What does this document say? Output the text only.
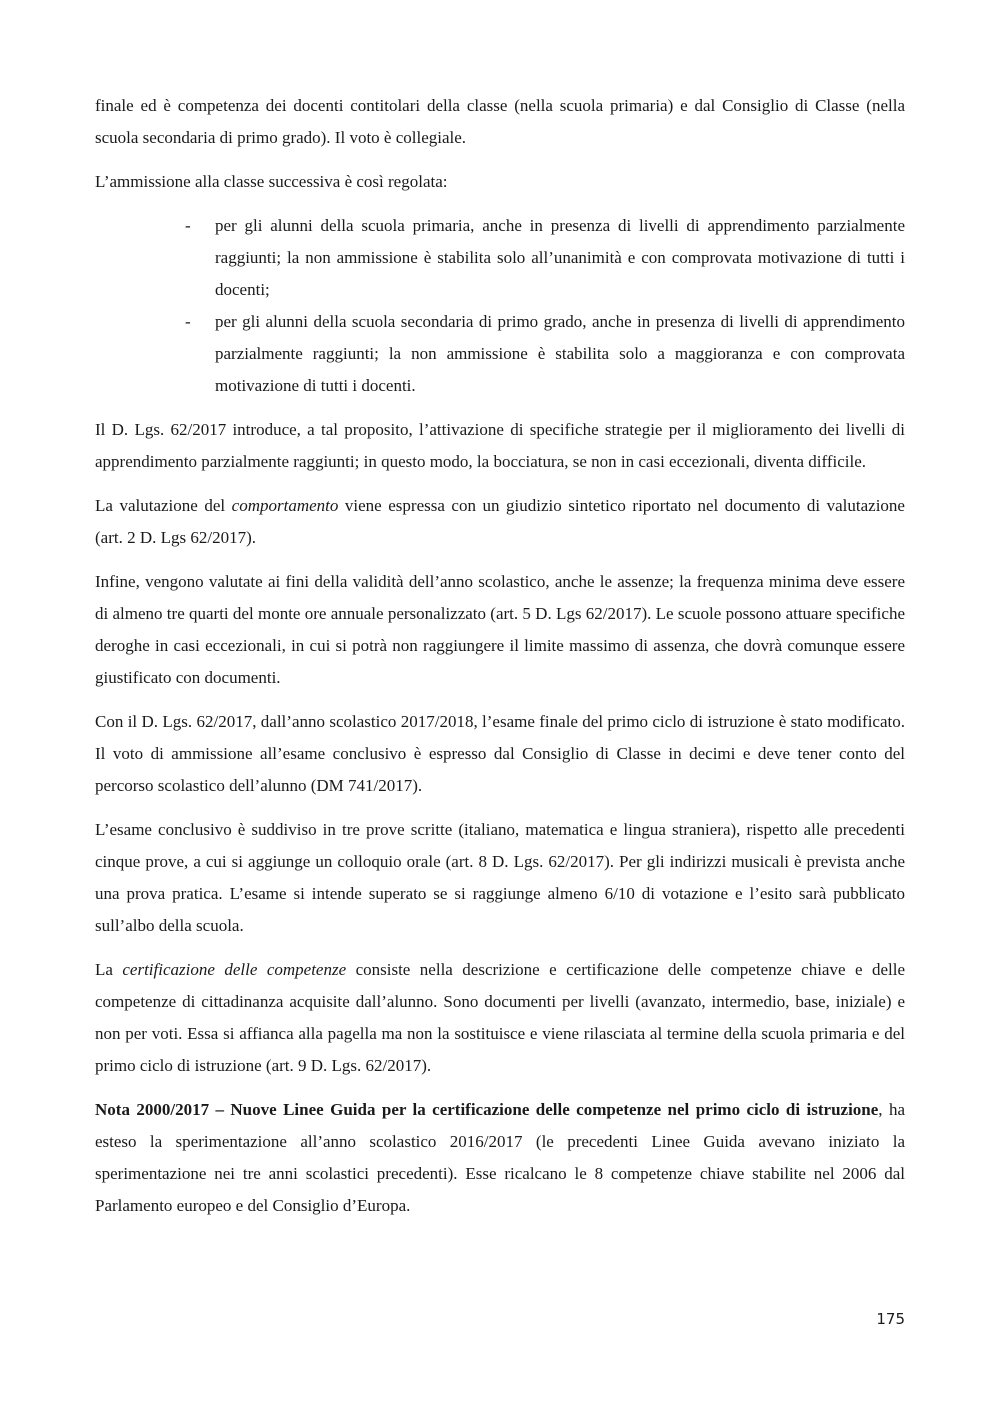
finale ed è competenza dei docenti contitolari della classe (nella scuola primaria) e dal Consiglio di Classe (nella scuola secondaria di primo grado). Il voto è collegiale.

L’ammissione alla classe successiva è così regolata:

- per gli alunni della scuola primaria, anche in presenza di livelli di apprendimento parzialmente raggiunti; la non ammissione è stabilita solo all’unanimità e con comprovata motivazione di tutti i docenti;
- per gli alunni della scuola secondaria di primo grado, anche in presenza di livelli di apprendimento parzialmente raggiunti; la non ammissione è stabilita solo a maggioranza e con comprovata motivazione di tutti i docenti.

Il D. Lgs. 62/2017 introduce, a tal proposito, l’attivazione di specifiche strategie per il miglioramento dei livelli di apprendimento parzialmente raggiunti; in questo modo, la bocciatura, se non in casi eccezionali, diventa difficile.

La valutazione del comportamento viene espressa con un giudizio sintetico riportato nel documento di valutazione (art. 2 D. Lgs 62/2017).

Infine, vengono valutate ai fini della validità dell’anno scolastico, anche le assenze; la frequenza minima deve essere di almeno tre quarti del monte ore annuale personalizzato (art. 5 D. Lgs 62/2017). Le scuole possono attuare specifiche deroghe in casi eccezionali, in cui si potrà non raggiungere il limite massimo di assenza, che dovrà comunque essere giustificato con documenti.

Con il D. Lgs. 62/2017, dall’anno scolastico 2017/2018, l’esame finale del primo ciclo di istruzione è stato modificato. Il voto di ammissione all’esame conclusivo è espresso dal Consiglio di Classe in decimi e deve tener conto del percorso scolastico dell’alunno (DM 741/2017).

L’esame conclusivo è suddiviso in tre prove scritte (italiano, matematica e lingua straniera), rispetto alle precedenti cinque prove, a cui si aggiunge un colloquio orale (art. 8 D. Lgs. 62/2017). Per gli indirizzi musicali è prevista anche una prova pratica. L’esame si intende superato se si raggiunge almeno 6/10 di votazione e l’esito sarà pubblicato sull’albo della scuola.

La certificazione delle competenze consiste nella descrizione e certificazione delle competenze chiave e delle competenze di cittadinanza acquisite dall’alunno. Sono documenti per livelli (avanzato, intermedio, base, iniziale) e non per voti. Essa si affianca alla pagella ma non la sostituisce e viene rilasciata al termine della scuola primaria e del primo ciclo di istruzione (art. 9 D. Lgs. 62/2017).

Nota 2000/2017 – Nuove Linee Guida per la certificazione delle competenze nel primo ciclo di istruzione, ha esteso la sperimentazione all’anno scolastico 2016/2017 (le precedenti Linee Guida avevano iniziato la sperimentazione nei tre anni scolastici precedenti). Esse ricalcano le 8 competenze chiave stabilite nel 2006 dal Parlamento europeo e del Consiglio d’Europa.

175
